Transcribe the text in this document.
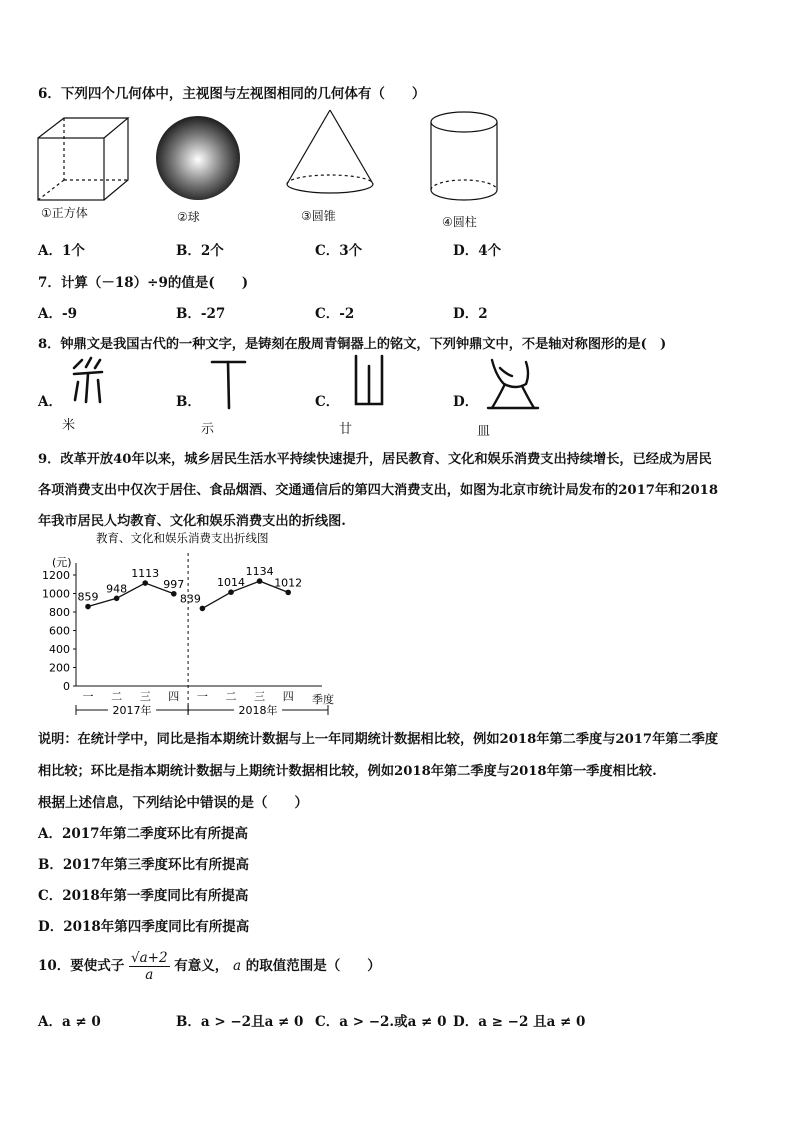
6．下列四个几何体中，主视图与左视图相同的几何体有（　　）
①正方体	②球	③圆锥	④圆柱
A．1个	B．2个	C．3个	D．4个
7．计算（－18）÷9的值是(　　)
A．-9	B．-27	C．-2	D．2
8．钟鼎文是我国古代的一种文字，是铸刻在殷周青铜器上的铭文，下列钟鼎文中，不是轴对称图形的是(　)
A．	B．	C．	D．
米	示	廿	皿
9．改革开放40年以来，城乡居民生活水平持续快速提升，居民教育、文化和娱乐消费支出持续增长，已经成为居民
各项消费支出中仅次于居住、食品烟酒、交通通信后的第四大消费支出，如图为北京市统计局发布的2017年和2018
年我市居民人均教育、文化和娱乐消费支出的折线图.
教育、文化和娱乐消费支出折线图
(元)
季度
0
200
400
600
800
1000
1200
一 二 三 四 一 二 三 四
2017年	2018年
859
948
1113
997
839
1014
1134
1012
说明：在统计学中，同比是指本期统计数据与上一年同期统计数据相比较，例如2018年第二季度与2017年第二季度
相比较；环比是指本期统计数据与上期统计数据相比较，例如2018年第二季度与2018年第一季度相比较.
根据上述信息，下列结论中错误的是（　　）
A．2017年第二季度环比有所提高
B．2017年第三季度环比有所提高
C．2018年第一季度同比有所提高
D．2018年第四季度同比有所提高
10．要使式子 $\frac{√a+2}{a}$ 有意义， a 的取值范围是（　　）
A．a ≠ 0	B．a > −2且a ≠ 0 C．a > −2.或a ≠ 0 D．a ≥ −2 且a ≠ 0
